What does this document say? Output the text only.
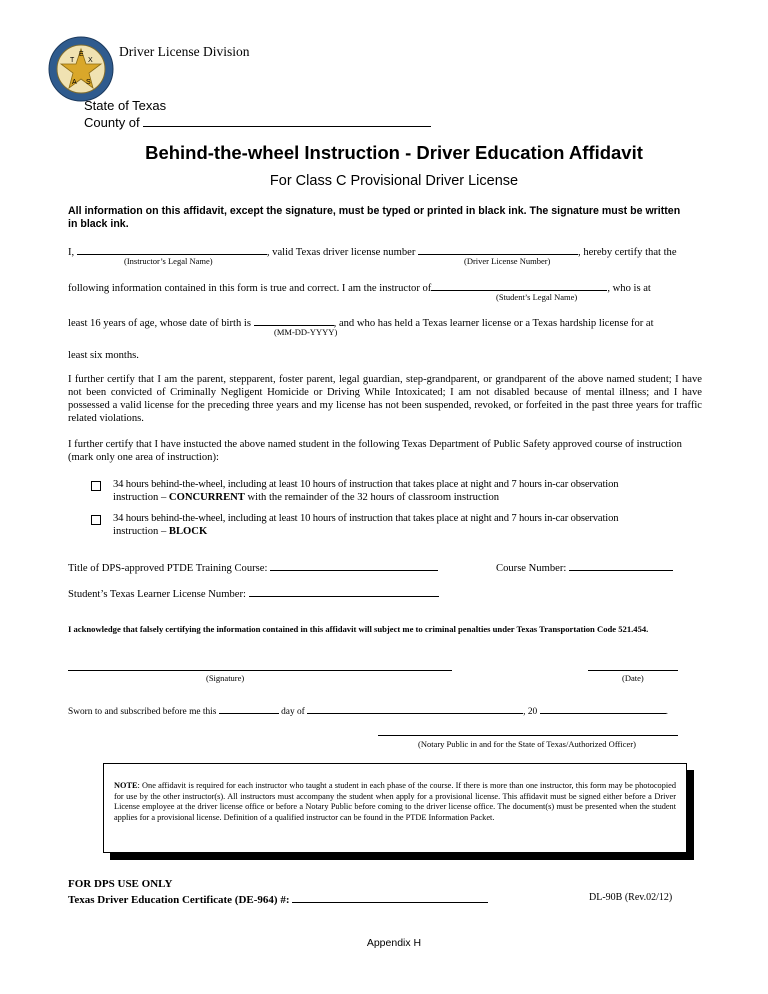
T
E
X
A S
Driver License Division
State of Texas
County of
Behind-the-wheel Instruction - Driver Education Affidavit
For Class C Provisional Driver License
All information on this affidavit, except the signature, must be typed or printed in black ink. The signature must be written in black ink.
I,	, valid Texas driver license number	, hereby certify that the
(Instructor’s Legal Name)	(Driver License Number)
following information contained in this form is true and correct. I am the instructor of	, who is at
(Student’s Legal Name)
least 16 years of age, whose date of birth is	, and who has held a Texas learner license or a Texas hardship license for at
(MM-DD-YYYY)
least six months.
I further certify that I am the parent, stepparent, foster parent, legal guardian, step-grandparent, or grandparent of the above named student; I have not been convicted of Criminally Negligent Homicide or Driving While Intoxicated; I am not disabled because of mental illness; and I have possessed a valid license for the preceding three years and my license has not been suspended, revoked, or forfeited in the past three years for traffic related violations.
I further certify that I have instucted the above named student in the following Texas Department of Public Safety approved course of instruction (mark only one area of instruction):
34 hours behind-the-wheel, including at least 10 hours of instruction that takes place at night and 7 hours in-car observation
instruction – CONCURRENT with the remainder of the 32 hours of classroom instruction
34 hours behind-the-wheel, including at least 10 hours of instruction that takes place at night and 7 hours in-car observation
instruction – BLOCK
Title of DPS-approved PTDE Training Course:	Course Number:
Student’s Texas Learner License Number:
I acknowledge that falsely certifying the information contained in this affidavit will subject me to criminal penalties under Texas Transportation Code 521.454.
(Signature)	(Date)
Sworn to and subscribed before me this	day of	, 20	.
(Notary Public in and for the State of Texas/Authorized Officer)
NOTE: One affidavit is required for each instructor who taught a student in each phase of the course. If there is more than one instructor, this form may be photocopied for use by the other instructor(s). All instructors must accompany the student when apply for a provisional license. This affidavit must be signed either before a Driver License employee at the driver license office or before a Notary Public before coming to the driver license office. The document(s) must be presented when the student applies for a provisional license. Definition of a qualified instructor can be found in the PTDE Information Packet.
FOR DPS USE ONLY
Texas Driver Education Certificate (DE-964) #:	DL-90B (Rev.02/12)
Appendix H
